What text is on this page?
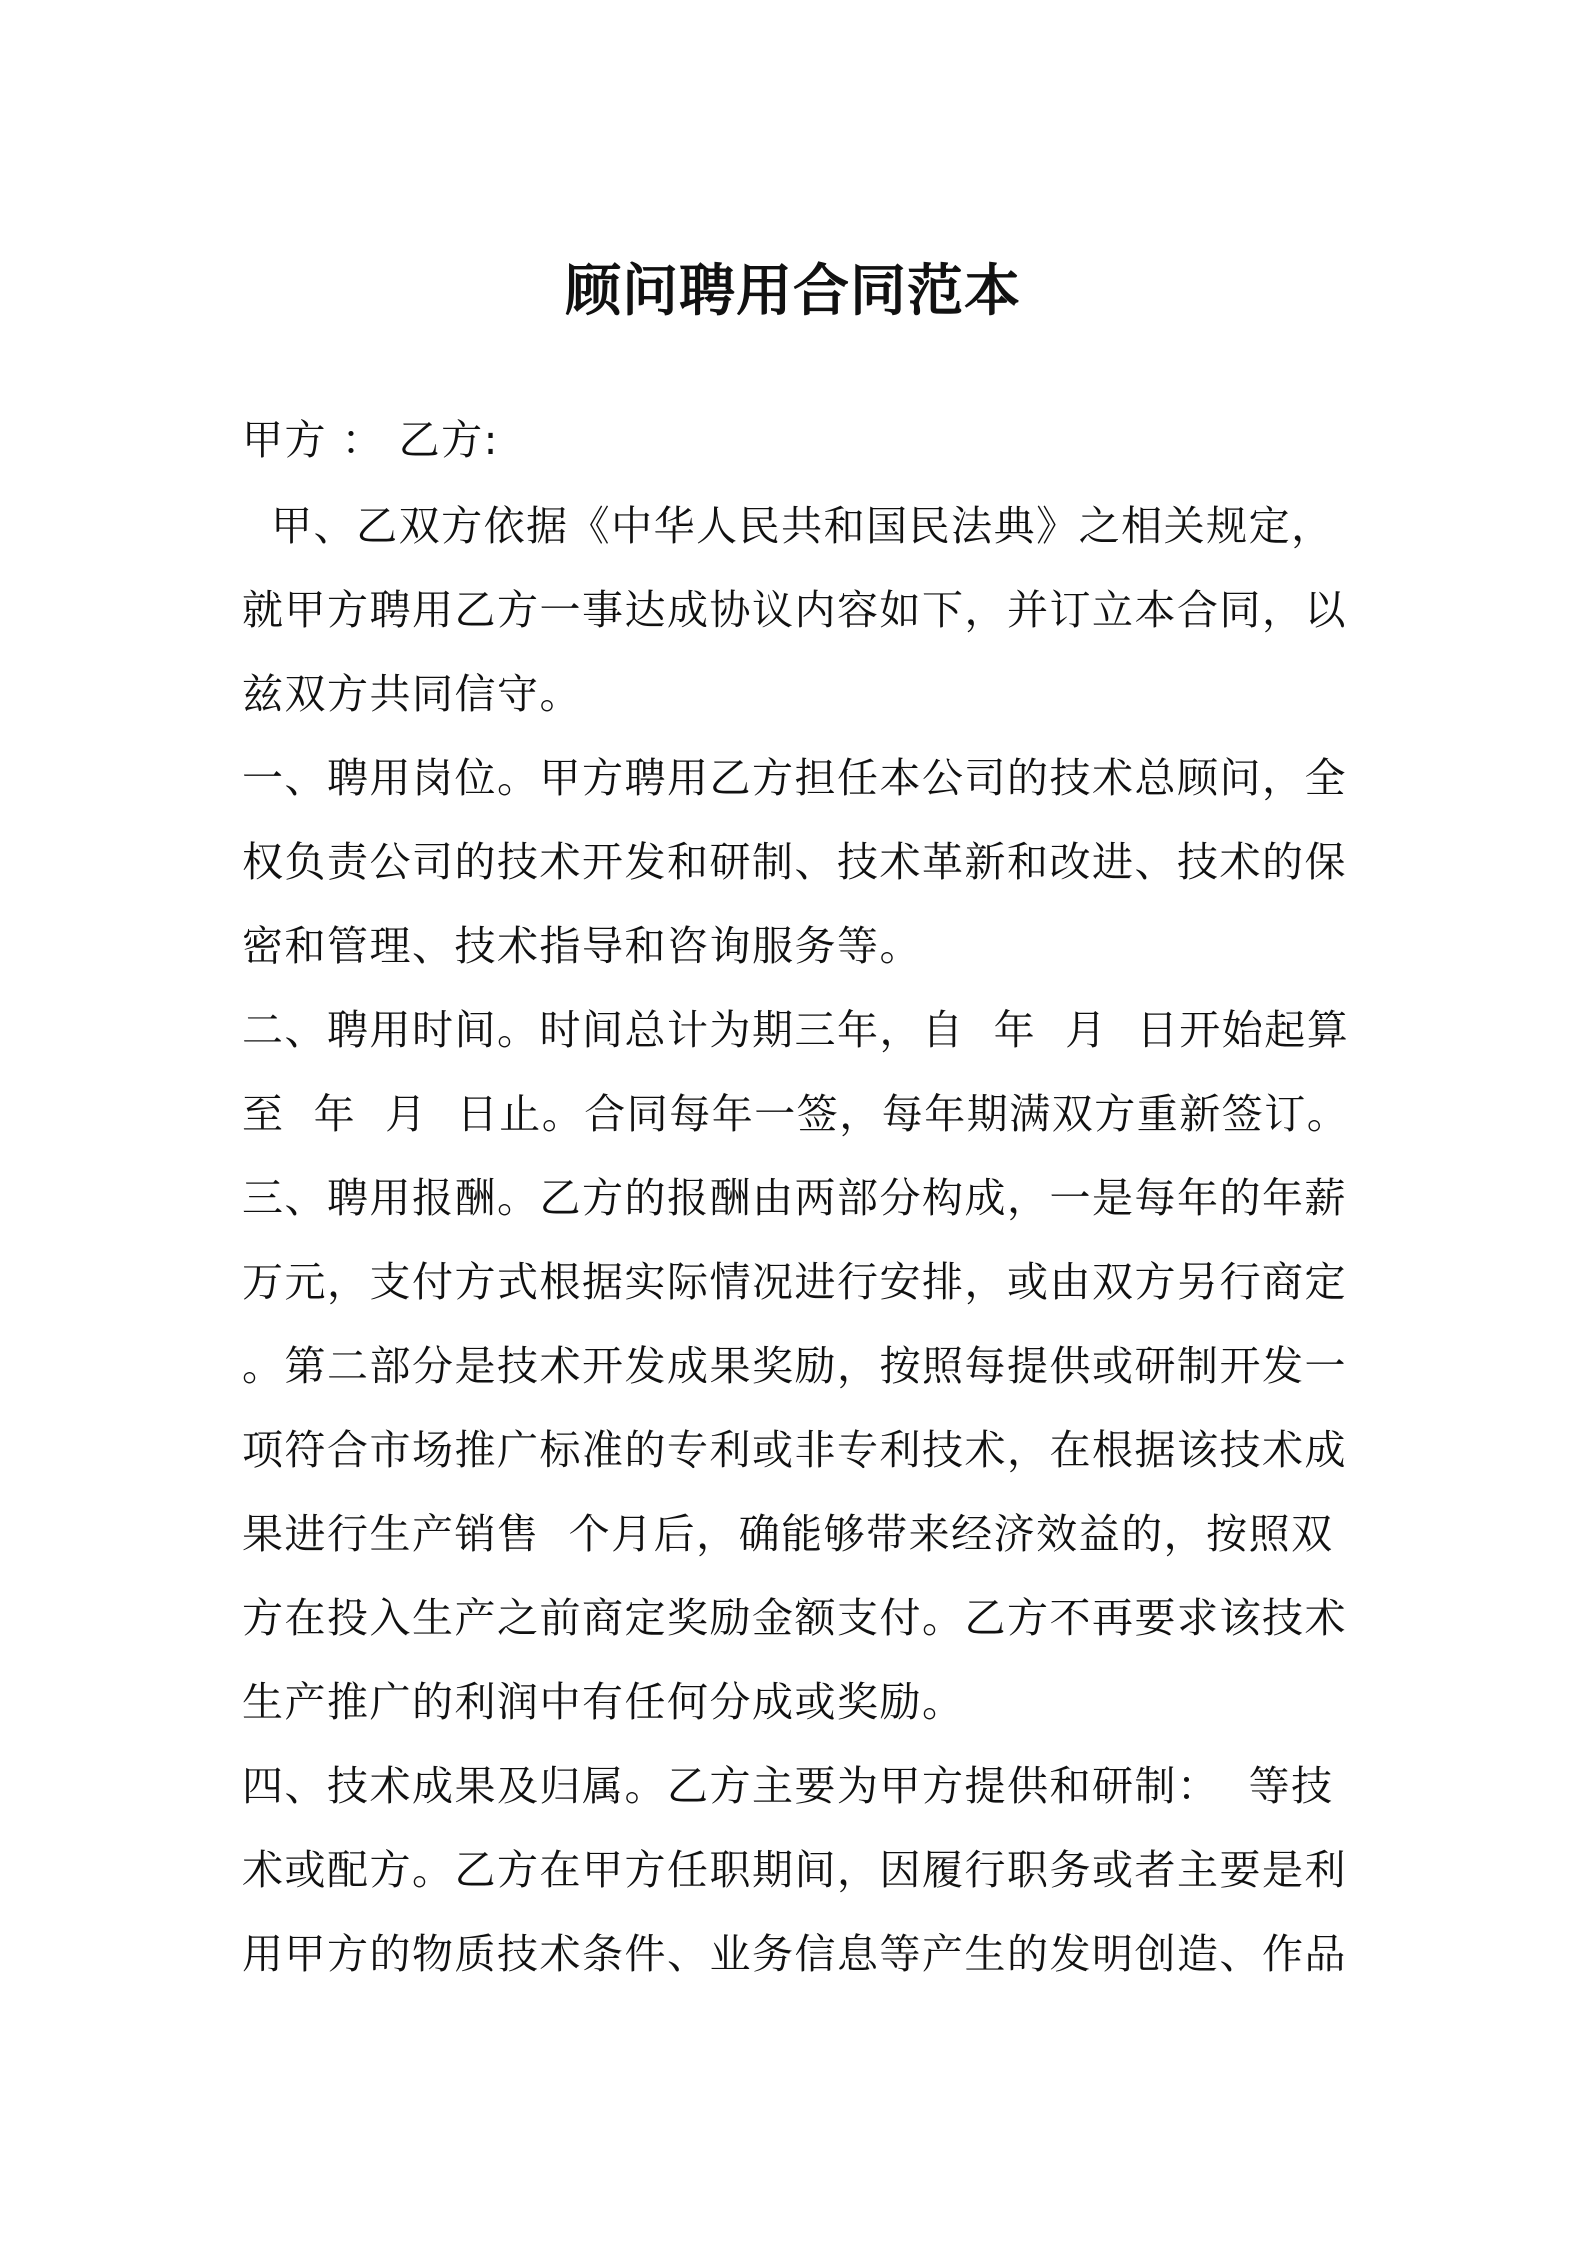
顾问聘用合同范本
甲方 ： 乙方:
甲、乙双方依据《中华人民共和国民法典》之相关规定，
就甲方聘用乙方一事达成协议内容如下，并订立本合同，以
兹双方共同信守。
一、聘用岗位。甲方聘用乙方担任本公司的技术总顾问，全
权负责公司的技术开发和研制、技术革新和改进、技术的保
密和管理、技术指导和咨询服务等。
二、聘用时间。时间总计为期三年，自  年  月  日开始起算
至  年  月  日止。合同每年一签，每年期满双方重新签订。
三、聘用报酬。乙方的报酬由两部分构成，一是每年的年薪
万元，支付方式根据实际情况进行安排，或由双方另行商定
。第二部分是技术开发成果奖励，按照每提供或研制开发一
项符合市场推广标准的专利或非专利技术，在根据该技术成
果进行生产销售  个月后，确能够带来经济效益的，按照双
方在投入生产之前商定奖励金额支付。乙方不再要求该技术
生产推广的利润中有任何分成或奖励。
四、技术成果及归属。乙方主要为甲方提供和研制：  等技
术或配方。乙方在甲方任职期间，因履行职务或者主要是利
用甲方的物质技术条件、业务信息等产生的发明创造、作品
